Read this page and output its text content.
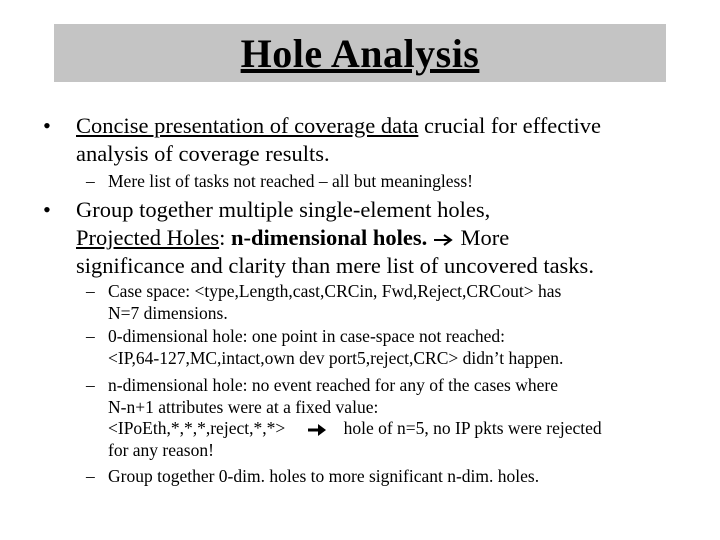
Hole Analysis
• Concise presentation of coverage data crucial for effective
analysis of coverage results.
– Mere list of tasks not reached – all but meaningless!
• Group together multiple single-element holes,
Projected Holes: n-dimensional holes.  More
significance and clarity than mere list of uncovered tasks.
– Case space: <type,Length,cast,CRCin, Fwd,Reject,CRCout> has
N=7 dimensions.
– 0-dimensional hole: one point in case-space not reached:
<IP,64-127,MC,intact,own dev port5,reject,CRC> didn’t happen.
– n-dimensional hole: no event reached for any of the cases where
N-n+1 attributes were at a fixed value:
<IPoEth,*,*,*,reject,*,*>	hole of n=5, no IP pkts were rejected
for any reason!
– Group together 0-dim. holes to more significant n-dim. holes.
